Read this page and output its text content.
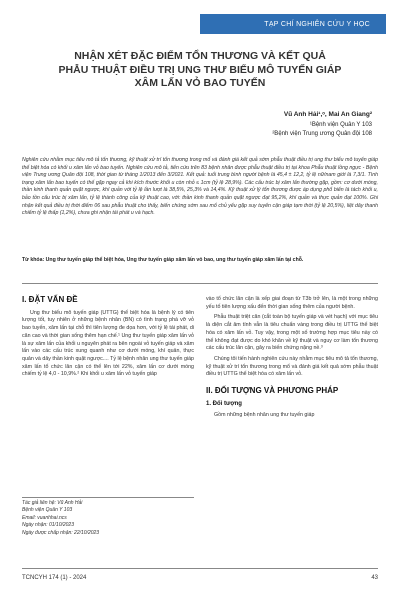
TẠP CHÍ NGHIÊN CỨU Y HỌC
NHẬN XÉT ĐẶC ĐIỂM TỔN THƯƠNG VÀ KẾT QUẢ
PHẪU THUẬT ĐIỀU TRỊ UNG THƯ BIỂU MÔ TUYẾN GIÁP
XÂM LẤN VỎ BAO TUYẾN
Vũ Anh Hải¹,ᵒ, Mai An Giang²
¹Bệnh viện Quân Y 103
²Bệnh viện Trung ương Quân đội 108
Nghiên cứu nhằm mục tiêu mô tả tổn thương, kỹ thuật xử trí tổn thương trong mổ và đánh giá kết quả sớm phẫu thuật điều trị ung thư biểu mô tuyến giáp thể biệt hóa có khối u xâm lấn vỏ bao tuyến. Nghiên cứu mô tả, tiến cứu trên 83 bệnh nhân được phẫu thuật điều trị tại khoa Phẫu thuật lồng ngực - Bệnh viện Trung ương Quân đội 108, thời gian từ tháng 1/2013 đến 3/2021. Kết quả: tuổi trung bình người bệnh là 45,4 ± 12,2, tỷ lệ nữ/nam giới là 7,3/1. Tình trạng xâm lấn bao tuyến có thể gặp ngay cả khi kích thước khối u còn nhỏ ≤ 1cm (tỷ lệ 28,9%). Các cấu trúc bị xâm lấn thường gặp, gồm: cơ dưới móng, thần kinh thanh quản quặt ngược, khí quản với tỷ lệ lần lượt là 38,5%, 25,3% và 14,4%. Kỹ thuật xử lý tổn thương được áp dụng phổ biến là tách khối u, bảo tồn cấu trúc bị xâm lấn, tỷ lệ thành công của kỹ thuật cao, với: thần kinh thanh quản quặt ngược đạt 95,2%, khí quản và thực quản đạt 100%. Ghi nhận kết quả điều trị thời điểm 06 sau phẫu thuật cho thấy, biến chứng sớm sau mổ chủ yếu gặp suy tuyến cận giáp tạm thời (tỷ lệ 20,5%), liệt dây thanh chiếm tỷ lệ thấp (1,2%), chưa ghi nhận tái phát u và hạch.
Từ khóa: Ung thư tuyến giáp thể biệt hóa, Ung thư tuyến giáp xâm lấn vỏ bao, ung thư tuyến giáp xâm lấn tại chỗ.
I. ĐẶT VẤN ĐỀ

Ung thư biểu mô tuyến giáp (UTTG) thể biệt hóa là bệnh lý có tiên lượng tốt, tuy nhiên ở những bệnh nhân (BN) có tình trạng phá vỡ vỏ bao tuyến, xâm lấn tại chỗ thì tiên lượng đe dọa hơn, với tỷ lệ tái phát, di căn cao và thời gian sống thêm hạn chế.¹ Ung thư tuyến giáp xâm lấn vỏ là sự xâm lấn của khối u nguyên phát ra bên ngoài vỏ tuyến giáp và xâm lấn vào các cấu trúc xung quanh như cơ dưới móng, khí quản, thực quản và dây thần kinh quặt ngược.... Tỷ lệ bệnh nhân ung thư tuyến giáp xâm lấn tổ chức lân cận có thể lên tới 22%, xâm lấn cơ dưới móng chiếm tỷ lệ 4,0 - 10,9%.² Khi khối u xâm lấn vỏ tuyến giáp

Tác giả liên hệ: Vũ Anh Hải
Bệnh viện Quân Y 103
Email: vuanhhai.ncs
Ngày nhận: 01/10/2023
Ngày được chấp nhận: 22/10/2023

vào tổ chức lân cận là xếp giai đoạn từ T3b trở lên, là một trong những yếu tố tiên lượng xấu đến thời gian sống thêm của người bệnh.

Phẫu thuật triệt căn (cắt toàn bộ tuyến giáp và vét hạch) với mục tiêu là diện cắt âm tính vẫn là tiêu chuẩn vàng trong điều trị UTTG thể biệt hóa có xâm lấn vỏ. Tuy vậy, trong một số trường hợp mục tiêu này có thể không đạt được do khó khăn về kỹ thuật và nguy cơ làm tổn thương các cấu trúc lân cận, gây ra biến chứng nặng nề.³

Chúng tôi tiến hành nghiên cứu này nhằm mục tiêu mô tả tổn thương, kỹ thuật xử trí tổn thương trong mổ và đánh giá kết quả sớm phẫu thuật điều trị UTTG thể biệt hóa có xâm lấn vỏ.

II. ĐỐI TƯỢNG VÀ PHƯƠNG PHÁP
1. Đối tượng

Gồm những bệnh nhân ung thư tuyến giáp

TCNCYH 174 (1) - 2024	43
